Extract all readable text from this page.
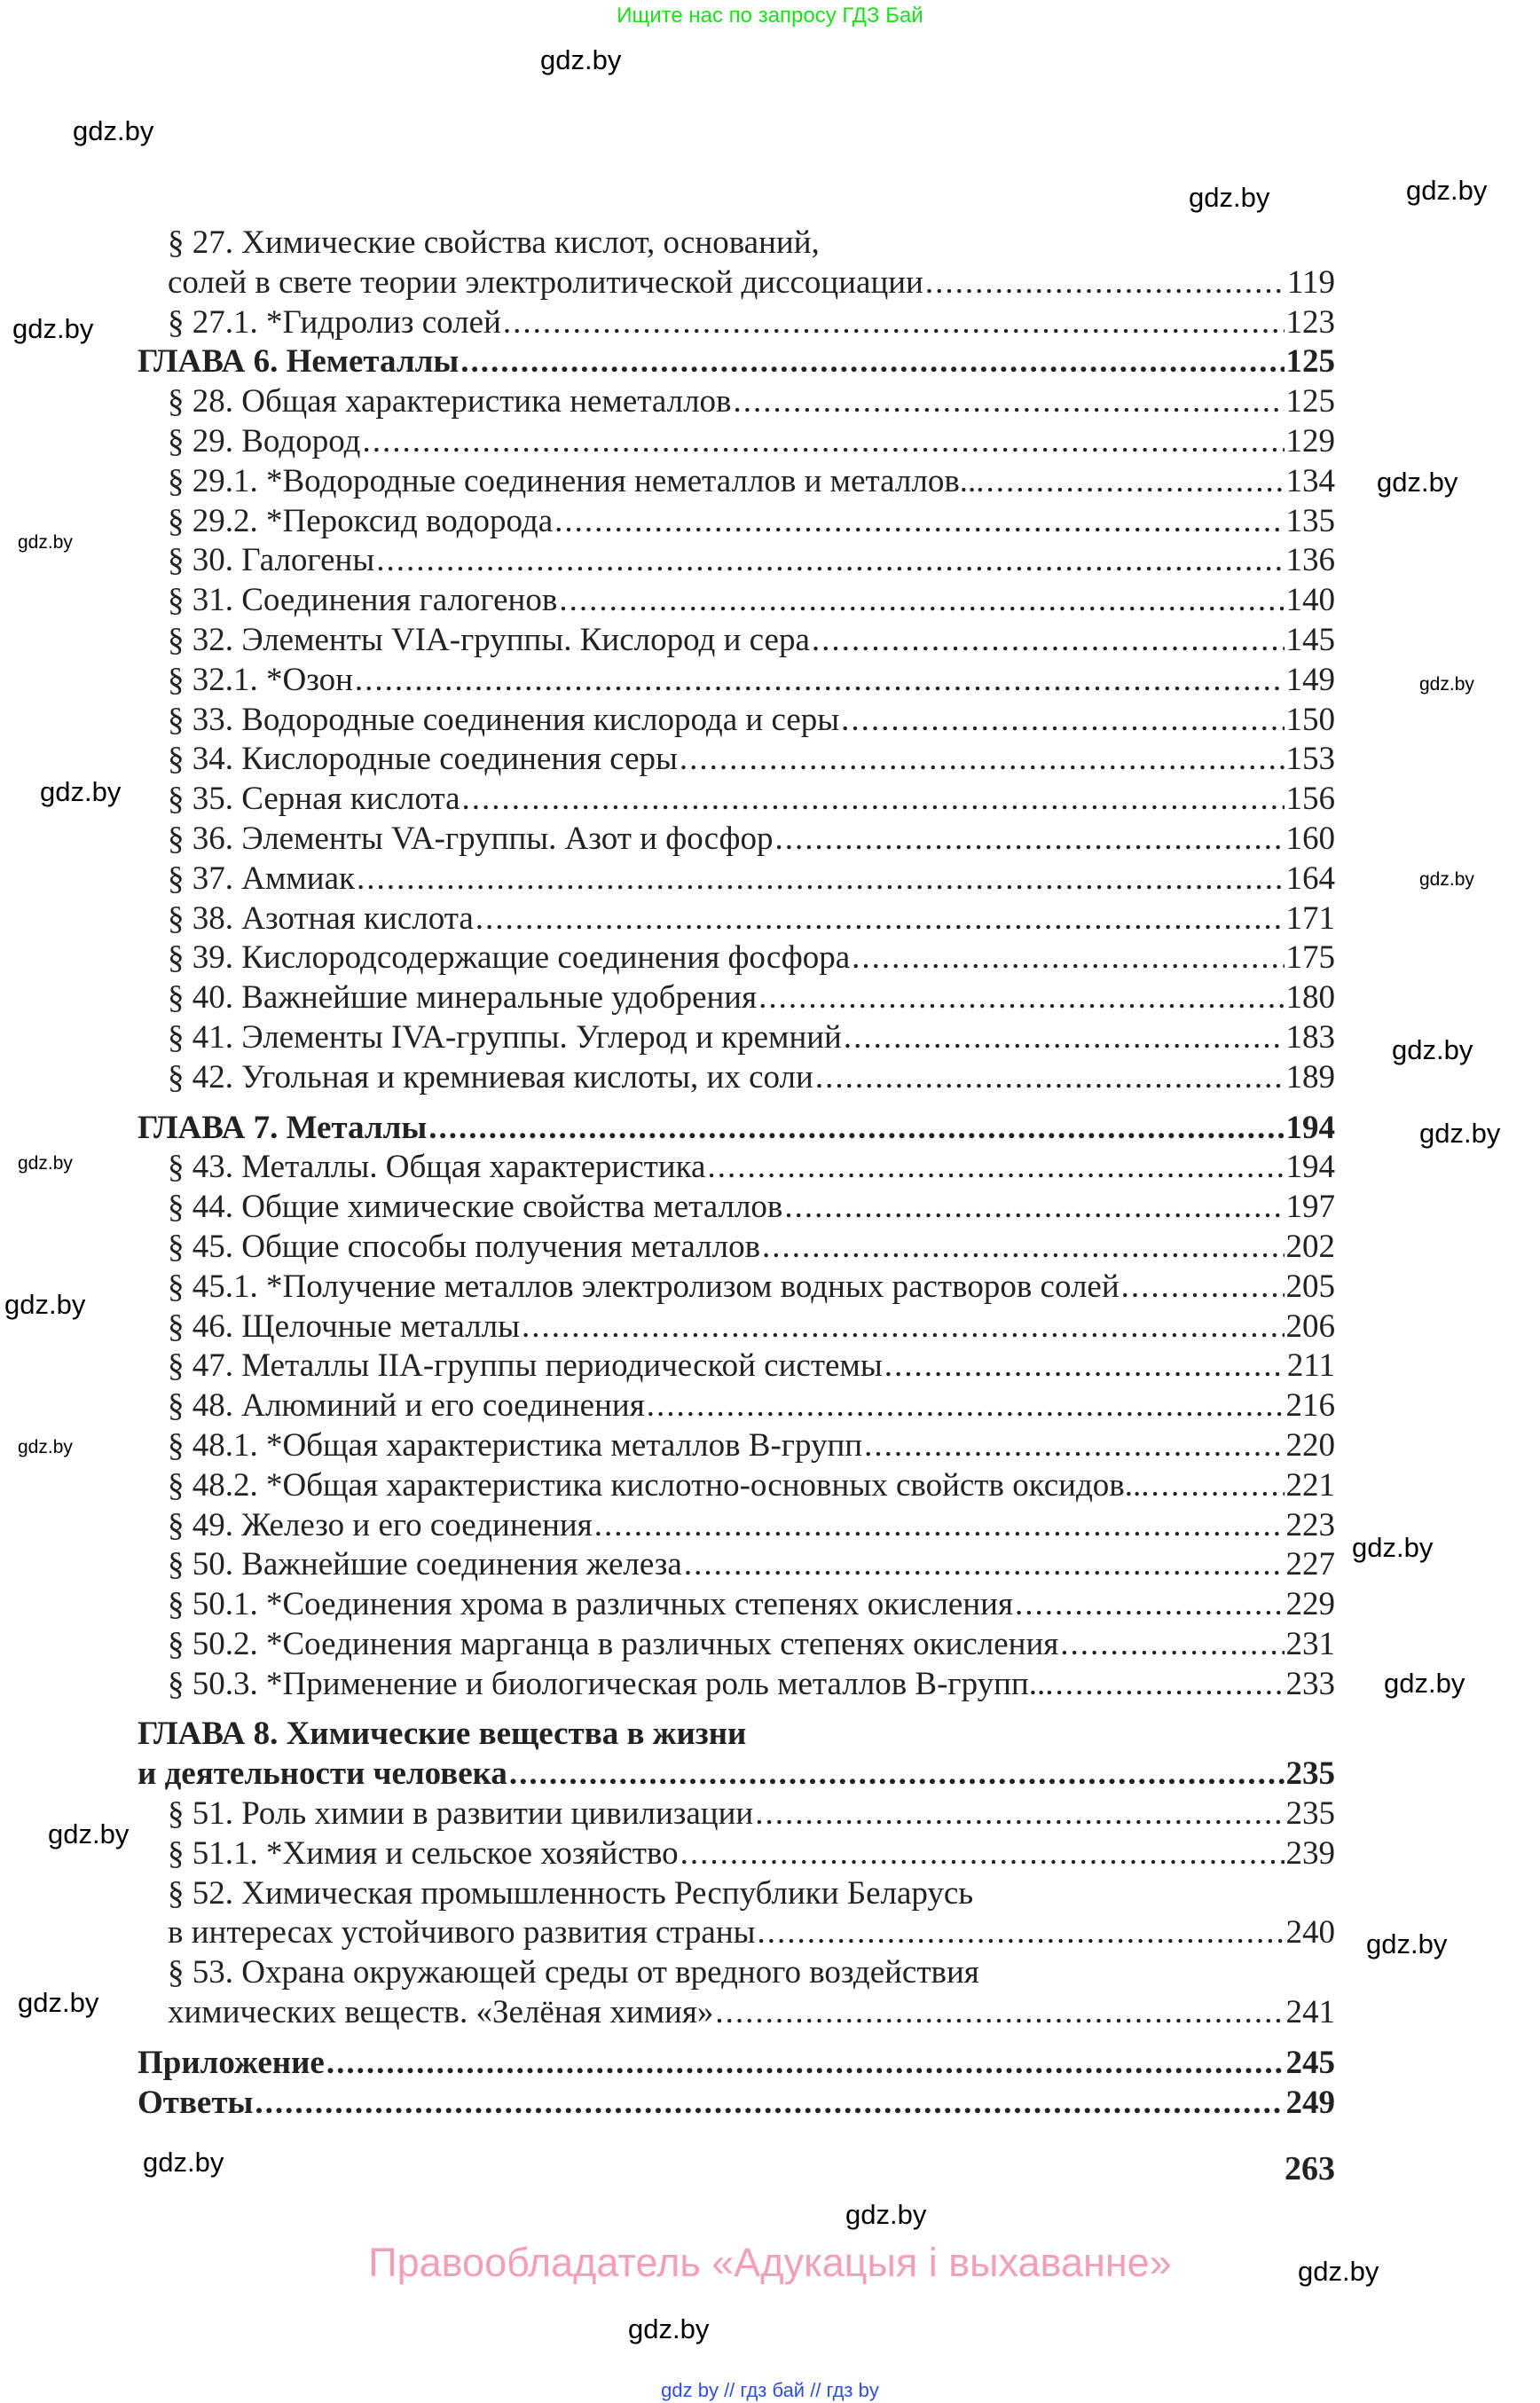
Ищите нас по запросу ГДЗ Бай
gdz.by
gdz.by
gdz.by
gdz.by
gdz.by
gdz.by
gdz.by
gdz.by
gdz.by
gdz.by
gdz.by
gdz.by
gdz.by
gdz.by
gdz.by
gdz.by
gdz.by
gdz.by
gdz.by
gdz.by
gdz.by
gdz.by
gdz.by
gdz.by
§ 27. Химические свойства кислот, оснований,
солей в свете теории электролитической диссоциации .....	119
§ 27.1. *Гидролиз солей .....	123
ГЛАВА 6. Неметаллы .....	125
§ 28. Общая характеристика неметаллов .....	125
§ 29. Водород .....	129
§ 29.1. *Водородные соединения неметаллов и металлов... .....	134
§ 29.2. *Пероксид водорода .....	135
§ 30. Галогены .....	136
§ 31. Соединения галогенов .....	140
§ 32. Элементы VIA-группы. Кислород и сера .....	145
§ 32.1. *Озон .....	149
§ 33. Водородные соединения кислорода и серы .....	150
§ 34. Кислородные соединения серы .....	153
§ 35. Серная кислота .....	156
§ 36. Элементы VA-группы. Азот и фосфор .....	160
§ 37. Аммиак .....	164
§ 38. Азотная кислота .....	171
§ 39. Кислородсодержащие соединения фосфора .....	175
§ 40. Важнейшие минеральные удобрения .....	180
§ 41. Элементы IVA-группы. Углерод и кремний .....	183
§ 42. Угольная и кремниевая кислоты, их соли .....	189
ГЛАВА 7. Металлы .....	194
§ 43. Металлы. Общая характеристика .....	194
§ 44. Общие химические свойства металлов .....	197
§ 45. Общие способы получения металлов .....	202
§ 45.1. *Получение металлов электролизом водных растворов солей .....	205
§ 46. Щелочные металлы .....	206
§ 47. Металлы IIA-группы периодической системы .....	211
§ 48. Алюминий и его соединения .....	216
§ 48.1. *Общая характеристика металлов B-групп .....	220
§ 48.2. *Общая характеристика кислотно-основных свойств оксидов... .....	221
§ 49. Железо и его соединения .....	223
§ 50. Важнейшие соединения железа .....	227
§ 50.1. *Соединения хрома в различных степенях окисления .....	229
§ 50.2. *Соединения марганца в различных степенях окисления .....	231
§ 50.3. *Применение и биологическая роль металлов B-групп... .....	233
ГЛАВА 8. Химические вещества в жизни
и деятельности человека .....	235
§ 51. Роль химии в развитии цивилизации .....	235
§ 51.1. *Химия и сельское хозяйство .....	239
§ 52. Химическая промышленность Республики Беларусь
в интересах устойчивого развития страны .....	240
§ 53. Охрана окружающей среды от вредного воздействия
химических веществ. «Зелёная химия» .....	241
Приложение .....	245
Ответы .....	249
263
Правообладатель «Адукацыя і выхаванне»
gdz by // гдз бай // гдз by
